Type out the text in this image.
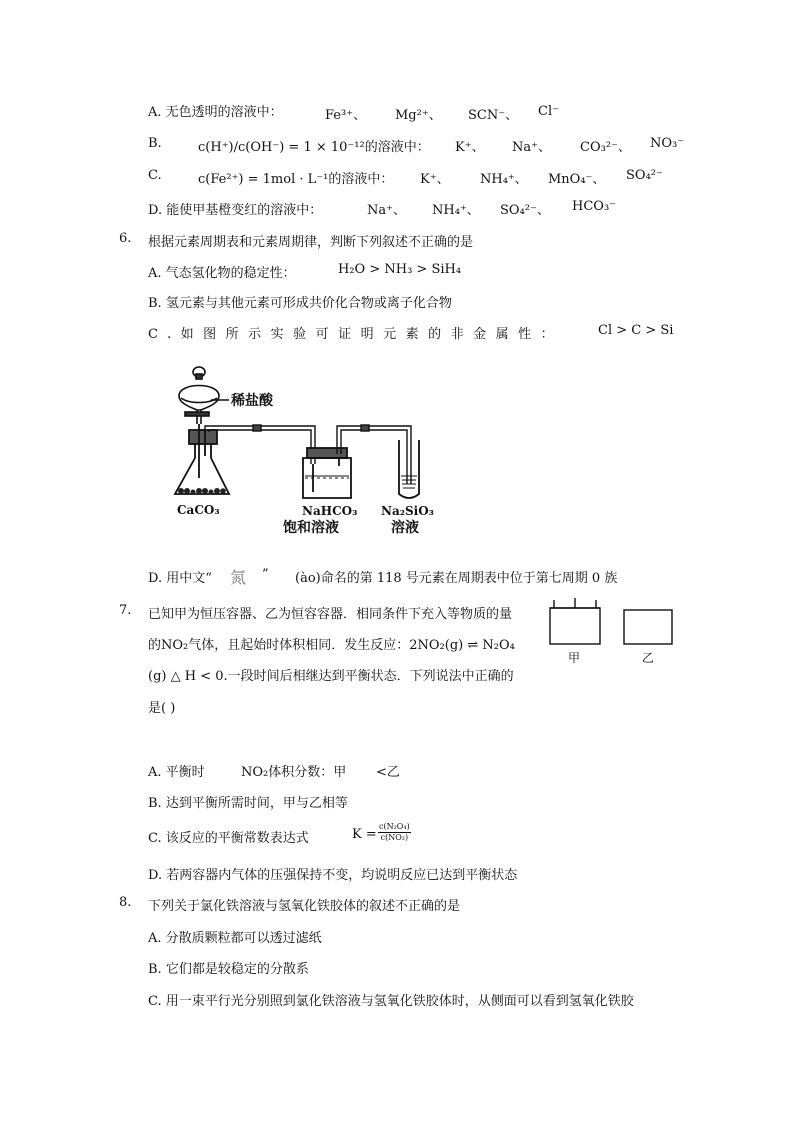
A. 无色透明的溶液中：	Fe³⁺、 Mg²⁺、 SCN⁻、 Cl⁻
B.	c(H⁺)/c(OH⁻) = 1 × 10⁻¹²的溶液中： K⁺、 Na⁺、 CO₃²⁻、 NO₃⁻
C.	c(Fe²⁺) = 1mol · L⁻¹的溶液中： K⁺、 NH₄⁺、 MnO₄⁻、 SO₄²⁻
D. 能使甲基橙变红的溶液中：	Na⁺、 NH₄⁺、 SO₄²⁻、 HCO₃⁻
6. 根据元素周期表和元素周期律，判断下列叙述不正确的是
A. 气态氢化物的稳定性：	H₂O > NH₃ > SiH₄
B. 氢元素与其他元素可形成共价化合物或离子化合物
C.如图所示实验可证明元素的非金属性：	Cl > C > Si
稀盐酸
CaCO₃	NaHCO₃
饱和溶液
Na₂SiO₃
溶液
D. 用中文“ 氮 ” (ào)命名的第 118 号元素在周期表中位于第七周期 0 族
7. 已知甲为恒压容器、乙为恒容容器．相同条件下充入等物质的量
的NO₂气体，且起始时体积相同．发生反应：2NO₂(g) ⇌ N₂O₄
(g) △ H < 0.一段时间后相继达到平衡状态．下列说法中正确的
是( )
甲	乙
A. 平衡时	NO₂体积分数：甲 <乙
B. 达到平衡所需时间，甲与乙相等
C. 该反应的平衡常数表达式	$K = \frac{\text{c(N₂O₄)}}{\text{c(NO₂)}}$
D. 若两容器内气体的压强保持不变，均说明反应已达到平衡状态
8. 下列关于氯化铁溶液与氢氧化铁胶体的叙述不正确的是
A. 分散质颗粒都可以透过滤纸
B. 它们都是较稳定的分散系
C. 用一束平行光分别照到氯化铁溶液与氢氧化铁胶体时，从侧面可以看到氢氧化铁胶
